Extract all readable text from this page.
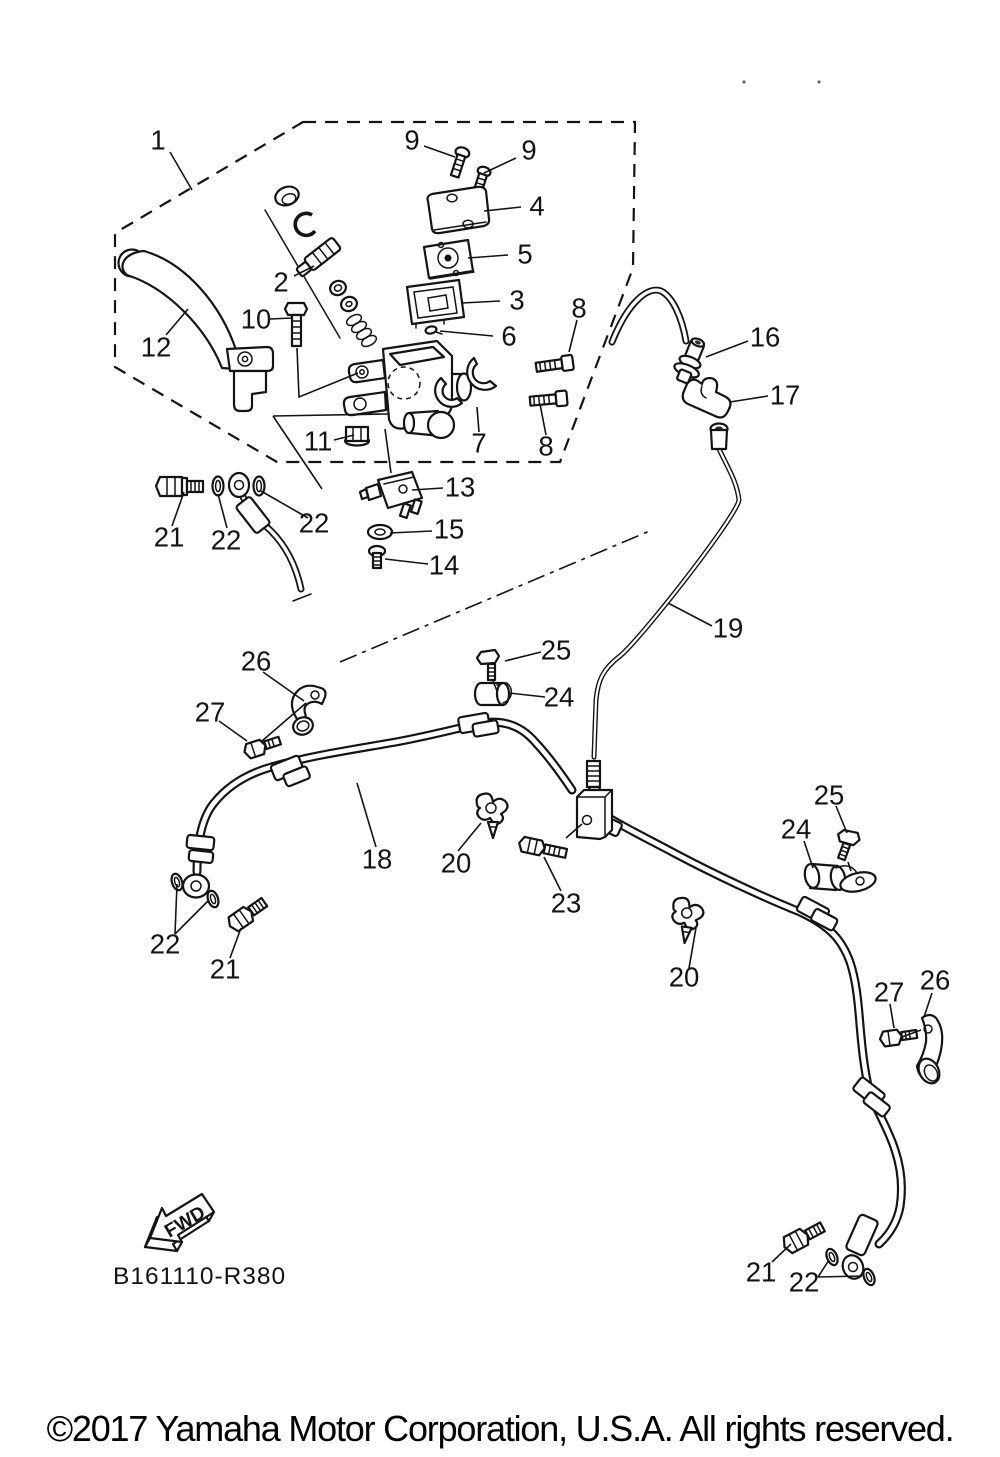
FWD
B161110-R380
1	9	9
4
5
3
6
8
2
10
12
11	7 8
16
17
13
15
14
21 22
22
19
26	25
24
27
18 20
23
25
24
20
22
21
27 26
21 22
©2017 Yamaha Motor Corporation, U.S.A. All rights reserved.
